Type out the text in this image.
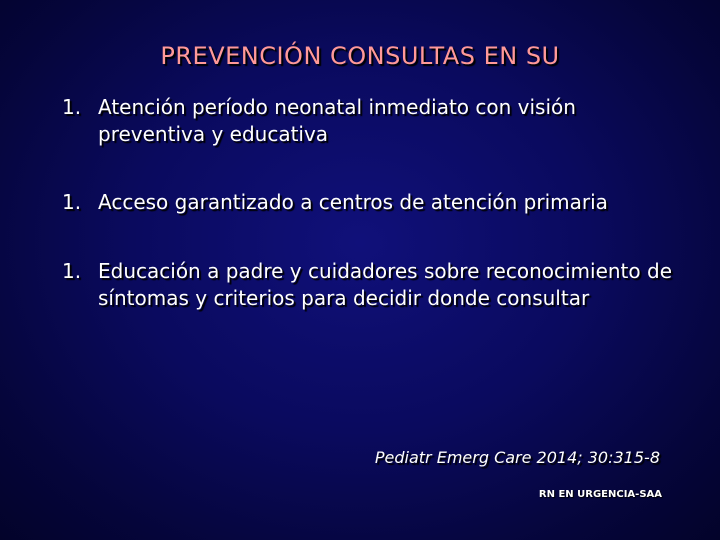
PREVENCIÓN CONSULTAS EN SU
1. Atención período neonatal inmediato con visión preventiva y educativa
1. Acceso garantizado a centros de atención primaria
1. Educación a padre y cuidadores sobre reconocimiento de síntomas y criterios para decidir donde consultar
Pediatr Emerg Care 2014; 30:315-8
RN EN URGENCIA-SAA
